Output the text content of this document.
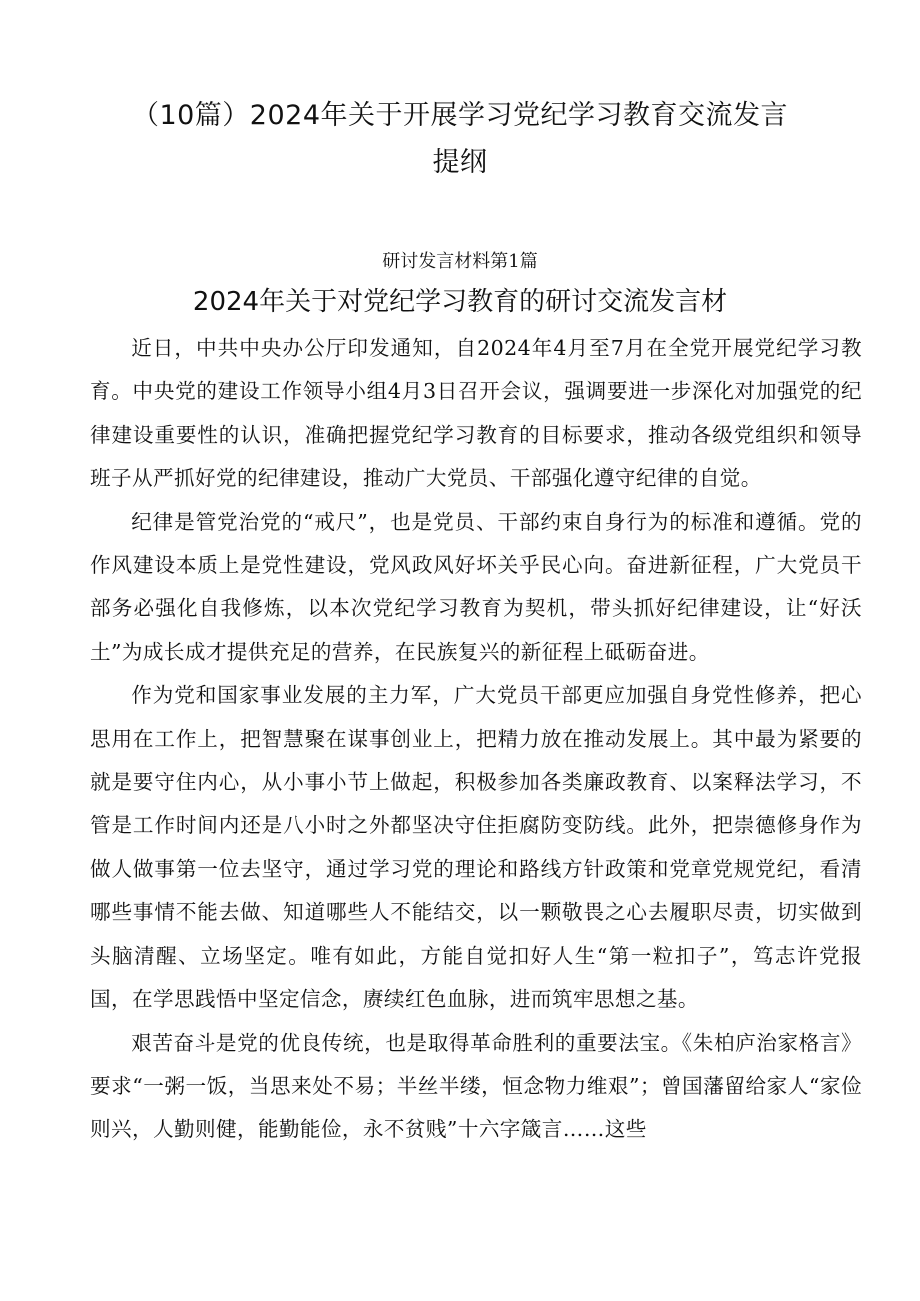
（10篇）2024年关于开展学习党纪学习教育交流发言
提纲
研讨发言材料第1篇
2024年关于对党纪学习教育的研讨交流发言材

近日，中共中央办公厅印发通知，自2024年4月至7月在全党开展党纪学习教育。中央党的建设工作领导小组4月3日召开会议，强调要进一步深化对加强党的纪律建设重要性的认识，准确把握党纪学习教育的目标要求，推动各级党组织和领导班子从严抓好党的纪律建设，推动广大党员、干部强化遵守纪律的自觉。

纪律是管党治党的“戒尺”，也是党员、干部约束自身行为的标准和遵循。党的作风建设本质上是党性建设，党风政风好坏关乎民心向。奋进新征程，广大党员干部务必强化自我修炼，以本次党纪学习教育为契机，带头抓好纪律建设，让“好沃土”为成长成才提供充足的营养，在民族复兴的新征程上砥砺奋进。

作为党和国家事业发展的主力军，广大党员干部更应加强自身党性修养，把心思用在工作上，把智慧聚在谋事创业上，把精力放在推动发展上。其中最为紧要的就是要守住内心，从小事小节上做起，积极参加各类廉政教育、以案释法学习，不管是工作时间内还是八小时之外都坚决守住拒腐防变防线。此外，把崇德修身作为做人做事第一位去坚守，通过学习党的理论和路线方针政策和党章党规党纪，看清哪些事情不能去做、知道哪些人不能结交，以一颗敬畏之心去履职尽责，切实做到头脑清醒、立场坚定。唯有如此，方能自觉扣好人生“第一粒扣子”，笃志许党报国，在学思践悟中坚定信念，赓续红色血脉，进而筑牢思想之基。

艰苦奋斗是党的优良传统，也是取得革命胜利的重要法宝。《朱柏庐治家格言》要求“一粥一饭，当思来处不易；半丝半缕，恒念物力维艰”；曾国藩留给家人“家俭则兴，人勤则健，能勤能俭，永不贫贱”十六字箴言……这些
